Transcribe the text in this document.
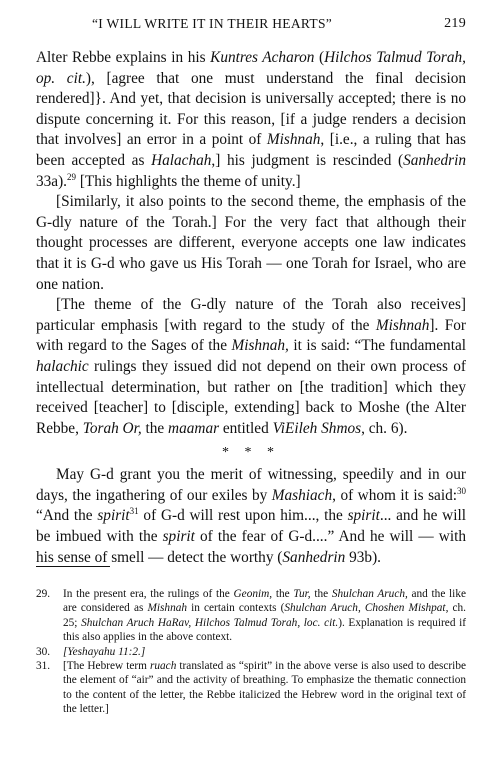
“I WILL WRITE IT IN THEIR HEARTS”	219

Alter Rebbe explains in his Kuntres Acharon (Hilchos Talmud Torah, op. cit.), [agree that one must understand the final decision rendered]}. And yet, that decision is universally accepted; there is no dispute concerning it. For this reason, [if a judge renders a decision that involves] an error in a point of Mishnah, [i.e., a ruling that has been accepted as Halachah,] his judgment is rescinded (Sanhedrin 33a).$^{29}$ [This highlights the theme of unity.]

[Similarly, it also points to the second theme, the emphasis of the G-dly nature of the Torah.] For the very fact that although their thought processes are different, everyone accepts one law indicates that it is G-d who gave us His Torah — one Torah for Israel, who are one nation.

[The theme of the G-dly nature of the Torah also receives] particular emphasis [with regard to the study of the Mishnah]. For with regard to the Sages of the Mishnah, it is said: “The fundamental halachic rulings they issued did not depend on their own process of intellectual determination, but rather on [the tradition] which they received [teacher] to [disciple, extending] back to Moshe (the Alter Rebbe, Torah Or, the maamar entitled ViEileh Shmos, ch. 6).

* * *

May G-d grant you the merit of witnessing, speedily and in our days, the ingathering of our exiles by Mashiach, of whom it is said:$^{30}$ “And the spirit$^{31}$ of G-d will rest upon him..., the spirit... and he will be imbued with the spirit of the fear of G-d....” And he will — with his sense of smell — detect the worthy (Sanhedrin 93b).

29. In the present era, the rulings of the Geonim, the Tur, the Shulchan Aruch, and the like are considered as Mishnah in certain contexts (Shulchan Aruch, Choshen Mishpat, ch. 25; Shulchan Aruch HaRav, Hilchos Talmud Torah, loc. cit.). Explanation is required if this also applies in the above context.
30. [Yeshayahu 11:2.]
31. [The Hebrew term ruach translated as “spirit” in the above verse is also used to describe the element of “air” and the activity of breathing. To emphasize the thematic connection to the content of the letter, the Rebbe italicized the Hebrew word in the original text of the letter.]
